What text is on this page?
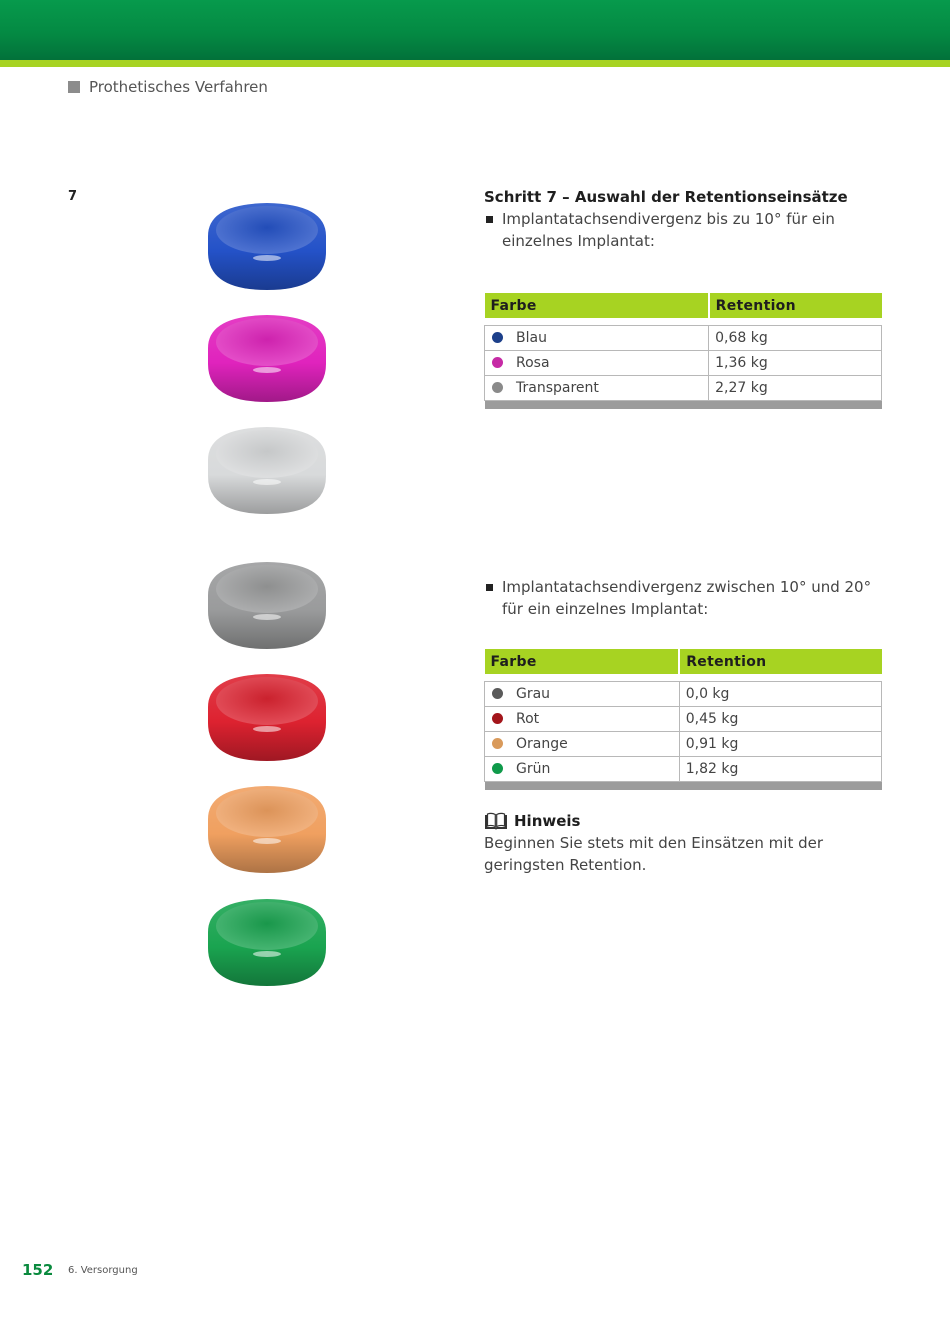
Prothetisches Verfahren
7	Schritt 7 – Auswahl der Retentionseinsätze
Implantatachsendivergenz bis zu 10° für ein einzelnes Implantat:
Farbe	Retention

Blau	0,68 kg
Rosa	1,36 kg
Transparent	2,27 kg

Implantatachsendivergenz zwischen 10° und 20° für ein einzelnes Implantat:
Farbe	Retention

Grau	0,0 kg
Rot	0,45 kg
Orange	0,91 kg
Grün	1,82 kg

Hinweis
Beginnen Sie stets mit den Einsätzen mit der geringsten Retention.
152 6. Versorgung
